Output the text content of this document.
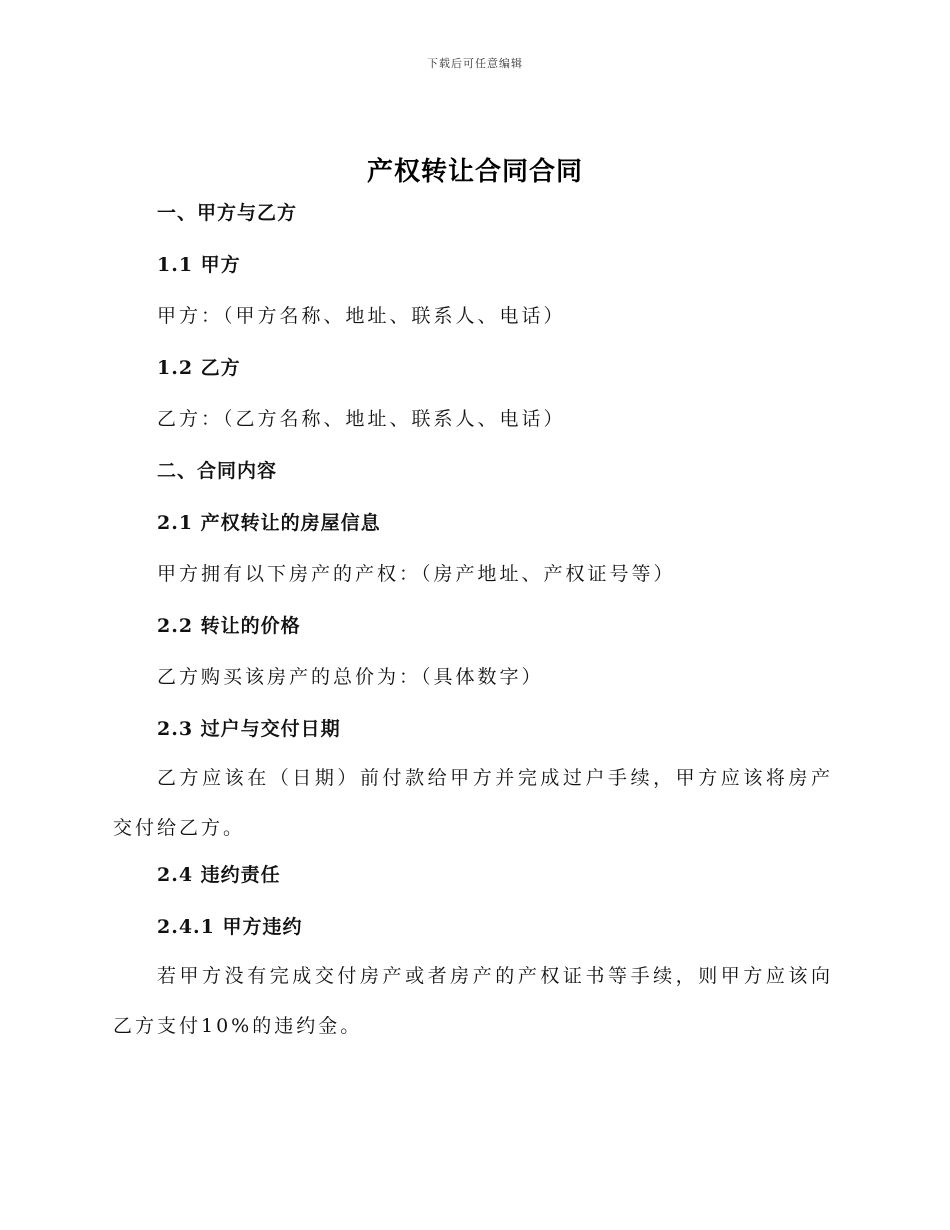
下载后可任意编辑
产权转让合同合同
一、甲方与乙方
1.1 甲方
甲方：（甲方名称、地址、联系人、电话）
1.2 乙方
乙方：（乙方名称、地址、联系人、电话）
二、合同内容
2.1 产权转让的房屋信息
甲方拥有以下房产的产权：（房产地址、产权证号等）
2.2 转让的价格
乙方购买该房产的总价为：（具体数字）
2.3 过户与交付日期

乙方应该在（日期）前付款给甲方并完成过户手续，甲方应该将房产交付给乙方。

2.4 违约责任
2.4.1 甲方违约

若甲方没有完成交付房产或者房产的产权证书等手续，则甲方应该向乙方支付10%的违约金。
